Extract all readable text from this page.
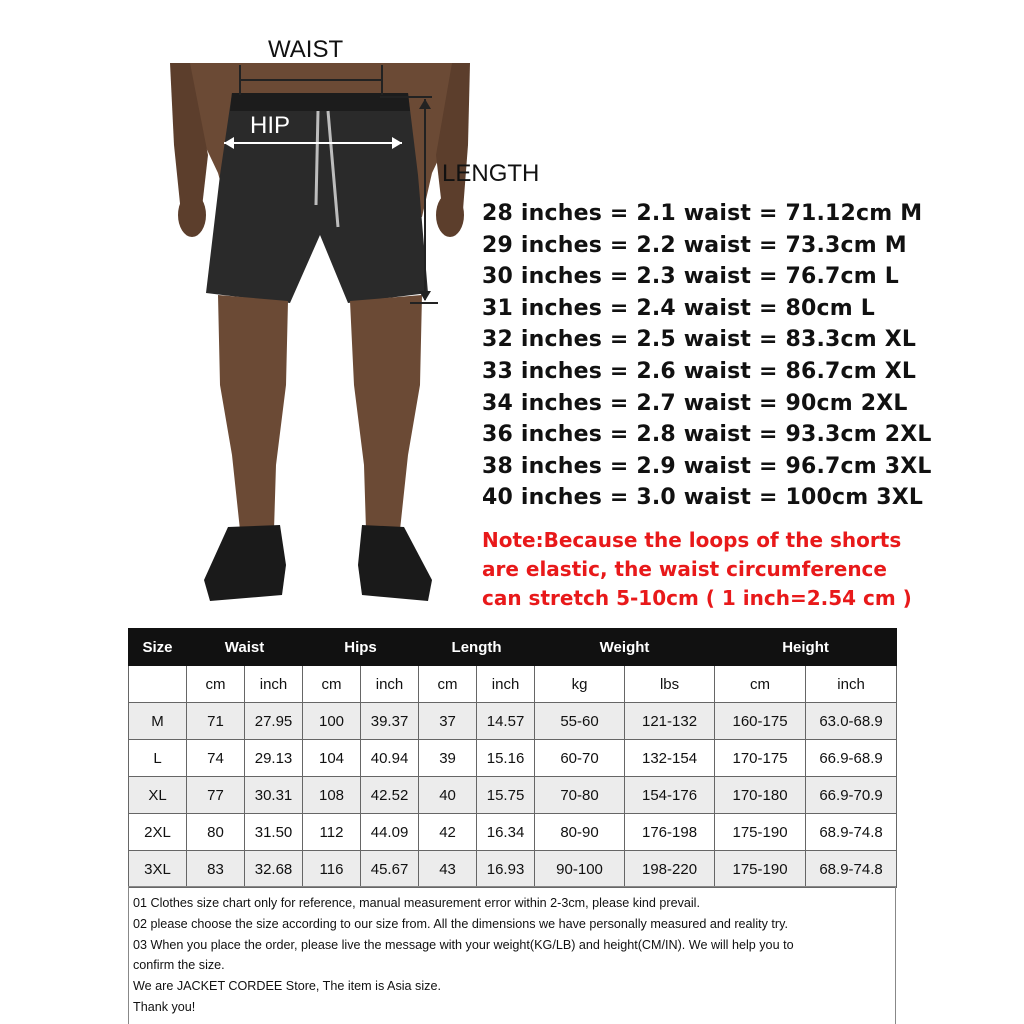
WAIST
HIP
LENGTH
28 inches = 2.1 waist = 71.12cm M
29 inches = 2.2 waist = 73.3cm M
30 inches = 2.3 waist = 76.7cm L
31 inches = 2.4 waist = 80cm L
32 inches = 2.5 waist = 83.3cm XL
33 inches = 2.6 waist = 86.7cm XL
34 inches = 2.7 waist = 90cm 2XL
36 inches = 2.8 waist = 93.3cm 2XL
38 inches = 2.9 waist = 96.7cm 3XL
40 inches = 3.0 waist = 100cm 3XL
Note:Because the loops of the shorts
are elastic, the waist circumference
can stretch 5-10cm ( 1 inch=2.54 cm )
Size	Waist		Hips		Length		Weight		Height	
	cm	inch	cm	inch	cm	inch	kg	lbs	cm	inch
M	71	27.95	100	39.37	37	14.57	55-60	121-132	160-175	63.0-68.9
L	74	29.13	104	40.94	39	15.16	60-70	132-154	170-175	66.9-68.9
XL	77	30.31	108	42.52	40	15.75	70-80	154-176	170-180	66.9-70.9
2XL	80	31.50	112	44.09	42	16.34	80-90	176-198	175-190	68.9-74.8
3XL	83	32.68	116	45.67	43	16.93	90-100	198-220	175-190	68.9-74.8
01 Clothes size chart only for reference, manual measurement error within 2-3cm, please kind prevail.
02 please choose the size according to our size from. All the dimensions we have personally measured and reality try.
03 When you place the order, please live the message with your weight(KG/LB) and height(CM/IN). We will help you to
confirm the size.
We are JACKET CORDEE Store, The item is Asia size.
Thank you!
